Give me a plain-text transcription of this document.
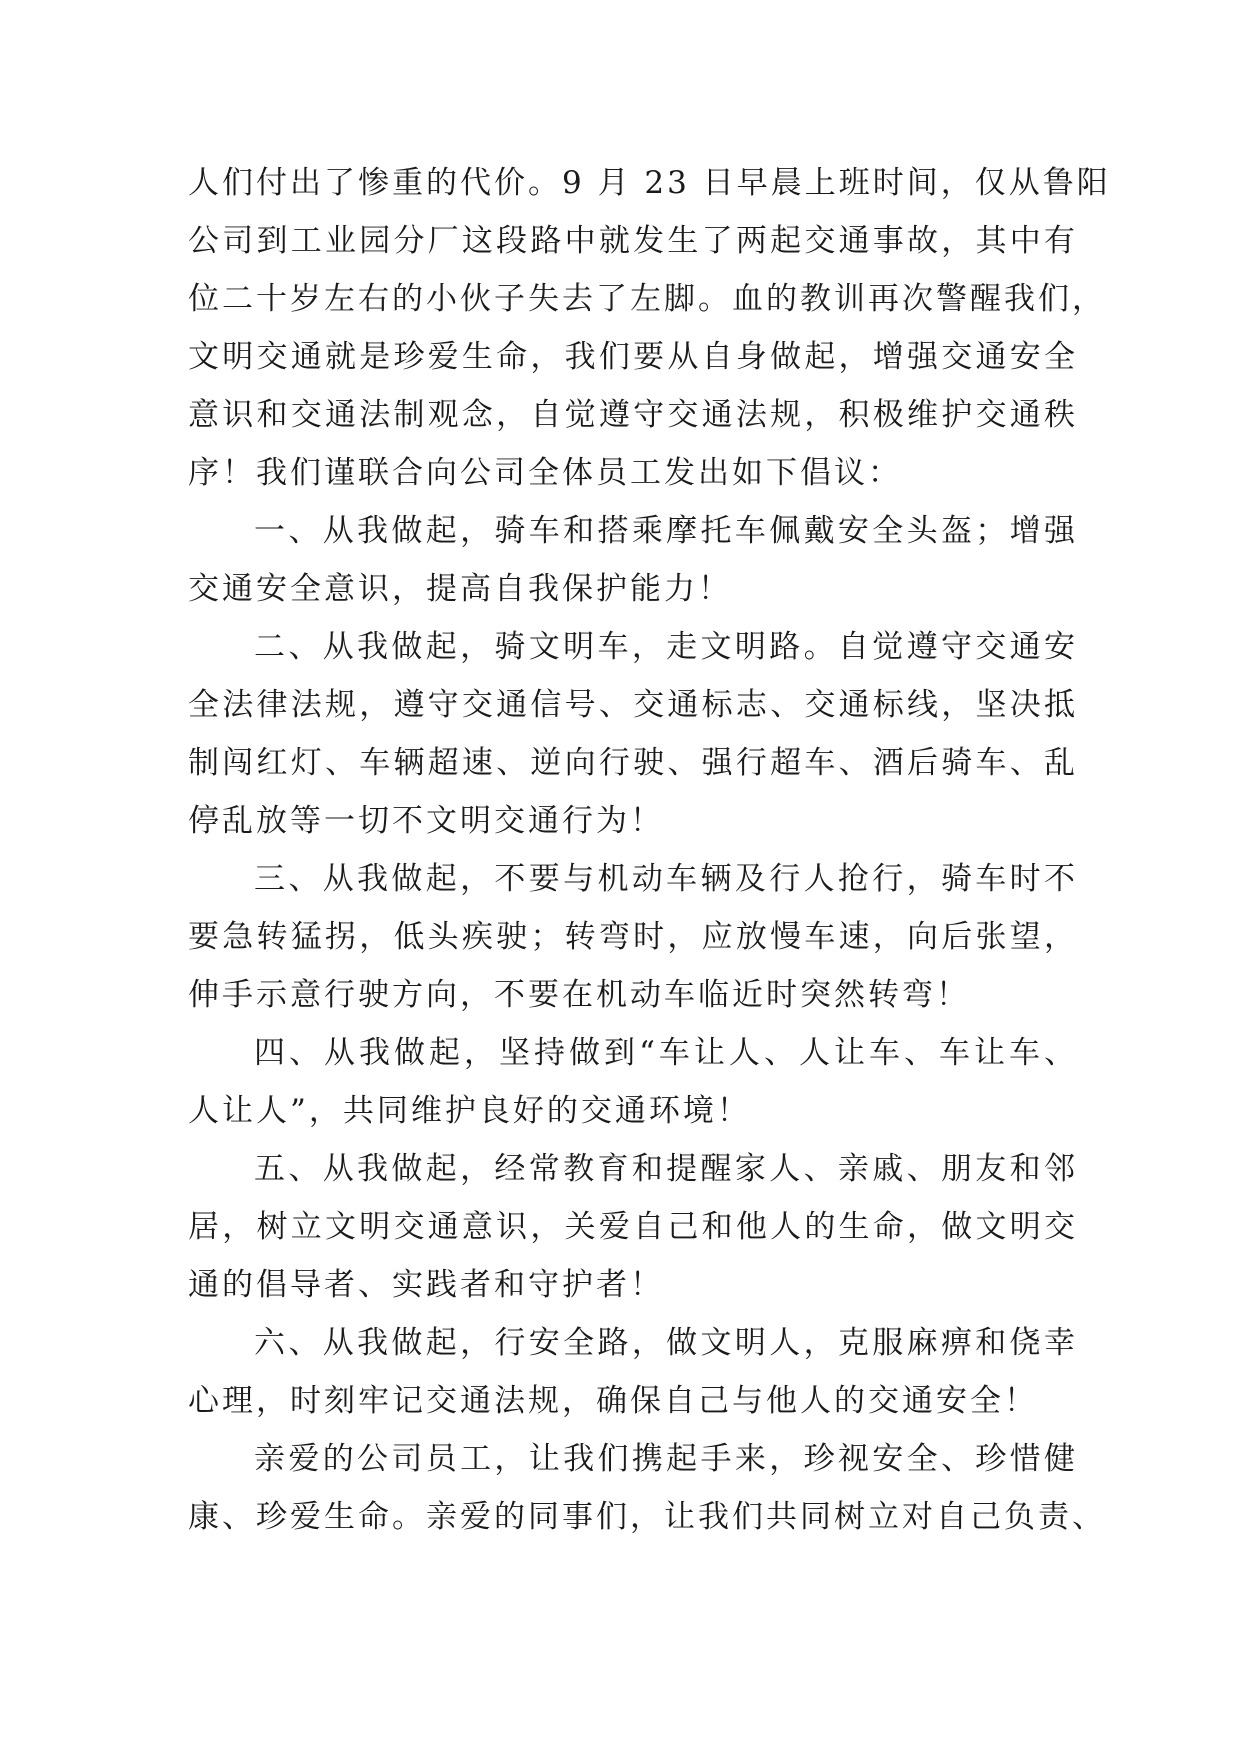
人们付出了惨重的代价。9 月 23 日早晨上班时间，仅从鲁阳
公司到工业园分厂这段路中就发生了两起交通事故，其中有
位二十岁左右的小伙子失去了左脚。血的教训再次警醒我们，
文明交通就是珍爱生命，我们要从自身做起，增强交通安全
意识和交通法制观念，自觉遵守交通法规，积极维护交通秩
序！我们谨联合向公司全体员工发出如下倡议：
一、从我做起，骑车和搭乘摩托车佩戴安全头盔；增强
交通安全意识，提高自我保护能力！
二、从我做起，骑文明车，走文明路。自觉遵守交通安
全法律法规，遵守交通信号、交通标志、交通标线，坚决抵
制闯红灯、车辆超速、逆向行驶、强行超车、酒后骑车、乱
停乱放等一切不文明交通行为！
三、从我做起，不要与机动车辆及行人抢行，骑车时不
要急转猛拐，低头疾驶；转弯时，应放慢车速，向后张望，
伸手示意行驶方向，不要在机动车临近时突然转弯！
四、从我做起，坚持做到“车让人、人让车、车让车、
人让人”，共同维护良好的交通环境！
五、从我做起，经常教育和提醒家人、亲戚、朋友和邻
居，树立文明交通意识，关爱自己和他人的生命，做文明交
通的倡导者、实践者和守护者！
六、从我做起，行安全路，做文明人，克服麻痹和侥幸
心理，时刻牢记交通法规，确保自己与他人的交通安全！
亲爱的公司员工，让我们携起手来，珍视安全、珍惜健
康、珍爱生命。亲爱的同事们，让我们共同树立对自己负责、
